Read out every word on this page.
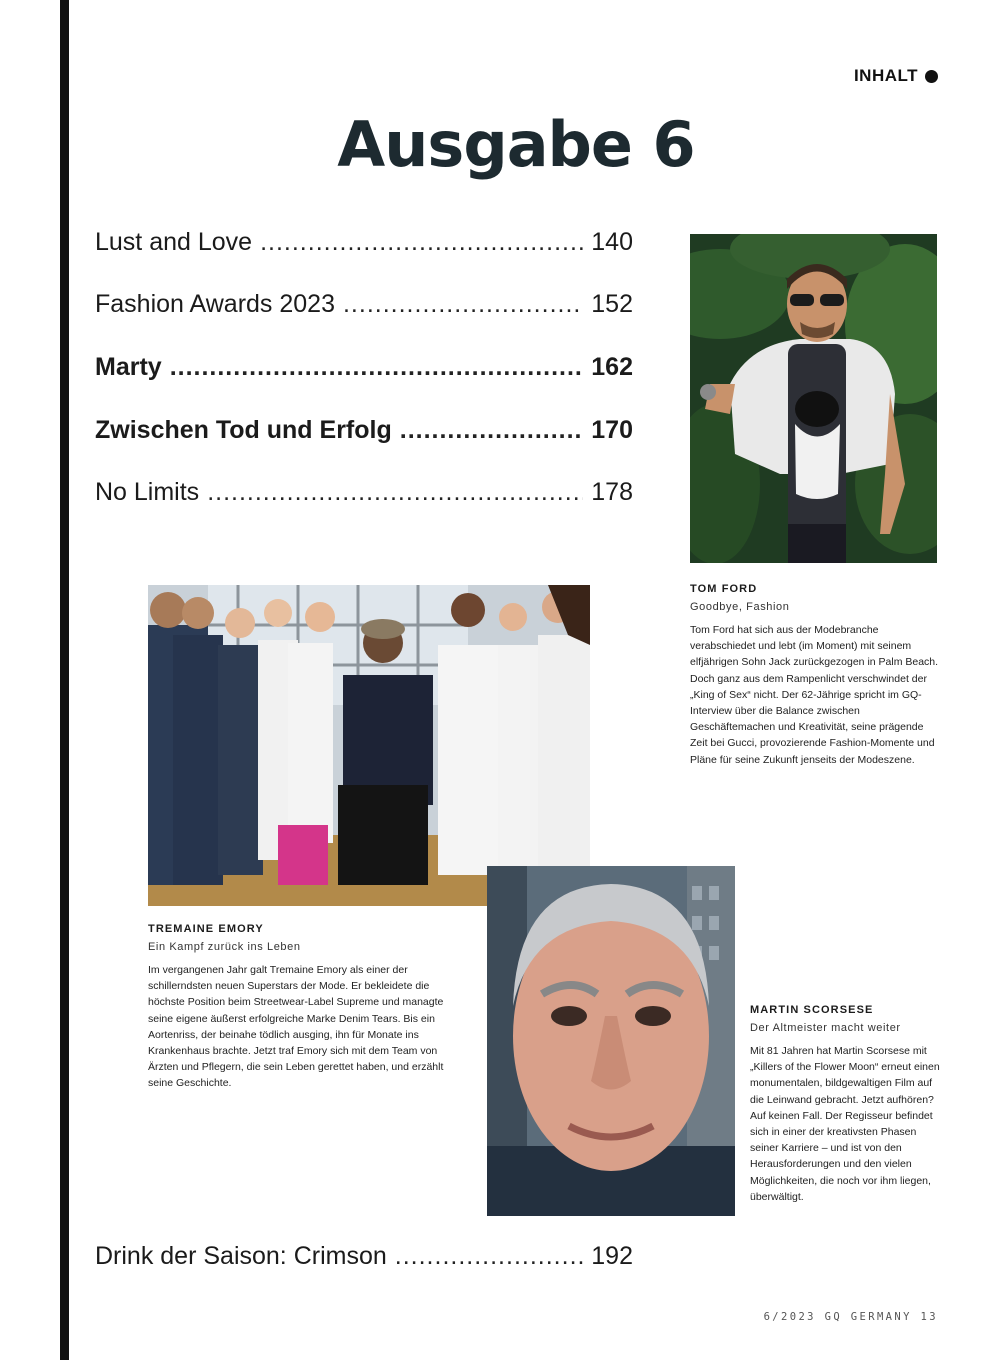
INHALT
Ausgabe 6
Lust and Love .....	140
Fashion Awards 2023 .....	152
Marty .....	162
Zwischen Tod und Erfolg .....	170
No Limits .....	178

TOM FORD

Goodbye, Fashion

Tom Ford hat sich aus der Modebranche verabschiedet und lebt (im Moment) mit seinem elfjährigen Sohn Jack zurückgezogen in Palm Beach. Doch ganz aus dem Rampenlicht verschwindet der „King of Sex“ nicht. Der 62-Jährige spricht im GQ-Interview über die Balance zwischen Geschäftemachen und Kreativität, seine prägende Zeit bei Gucci, provozierende Fashion-Momente und Pläne für seine Zukunft jenseits der Modeszene.

TREMAINE EMORY

Ein Kampf zurück ins Leben

Im vergangenen Jahr galt Tremaine Emory als einer der schillerndsten neuen Superstars der Mode. Er bekleidete die höchste Position beim Streetwear-Label Supreme und managte seine eigene äußerst erfolgreiche Marke Denim Tears. Bis ein Aortenriss, der beinahe tödlich ausging, ihn für Monate ins Krankenhaus brachte. Jetzt traf Emory sich mit dem Team von Ärzten und Pflegern, die sein Leben gerettet haben, und erzählt seine Geschichte.

MARTIN SCORSESE

Der Altmeister macht weiter

Mit 81 Jahren hat Martin Scorsese mit „Killers of the Flower Moon“ erneut einen monumentalen, bildgewaltigen Film auf die Leinwand gebracht. Jetzt aufhören? Auf keinen Fall. Der Regisseur befindet sich in einer der kreativsten Phasen seiner Karriere – und ist von den Herausforderungen und den vielen Möglichkeiten, die noch vor ihm liegen, überwältigt.

Drink der Saison: Crimson .....	192
6/2023 GQ GERMANY 13
